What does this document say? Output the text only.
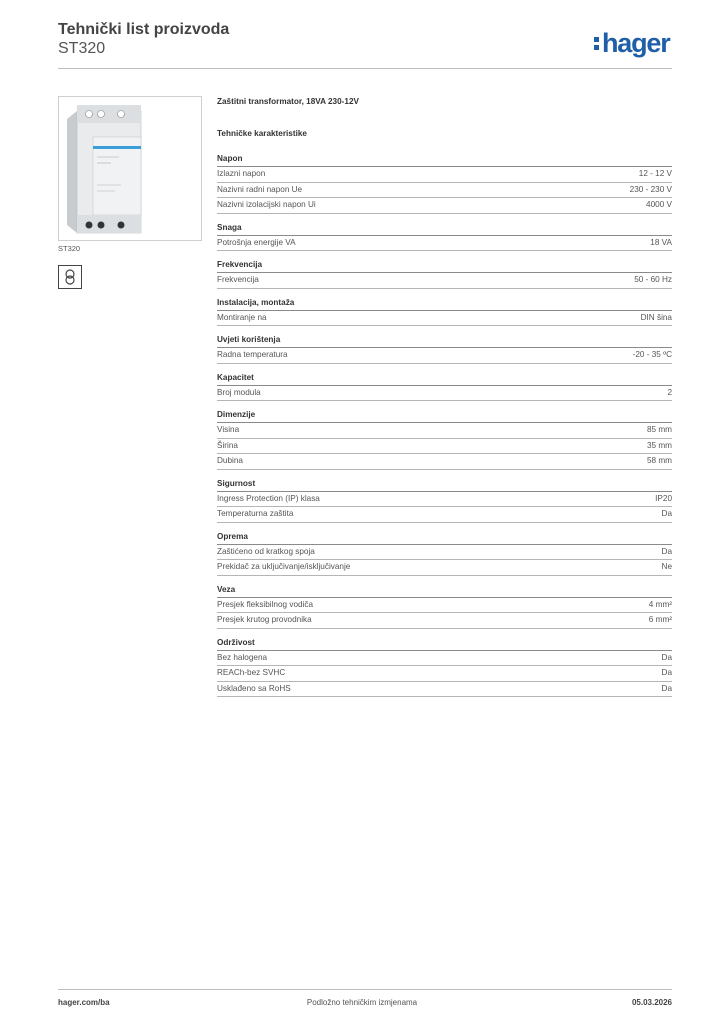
Tehnički list proizvoda
ST320	hager
ST320
Zaštitni transformator, 18VA 230-12V
Tehničke karakteristike
Napon
Izlazni napon	12 - 12 V
Nazivni radni napon Ue	230 - 230 V
Nazivni izolacijski napon Ui	4000 V
Snaga
Potrošnja energije VA	18 VA
Frekvencija
Frekvencija	50 - 60 Hz
Instalacija, montaža
Montiranje na	DIN šina
Uvjeti korištenja
Radna temperatura	-20 - 35 ºC
Kapacitet
Broj modula	2
Dimenzije
Visina	85 mm
Širina	35 mm
Dubina	58 mm
Sigurnost
Ingress Protection (IP) klasa	IP20
Temperaturna zaštita	Da
Oprema
Zaštićeno od kratkog spoja	Da
Prekidač za uključivanje/isključivanje	Ne
Veza
Presjek fleksibilnog vodiča	4 mm²
Presjek krutog provodnika	6 mm²
Održivost
Bez halogena	Da
REACh-bez SVHC	Da
Usklađeno sa RoHS	Da
hager.com/ba	Podložno tehničkim izmjenama	05.03.2026
